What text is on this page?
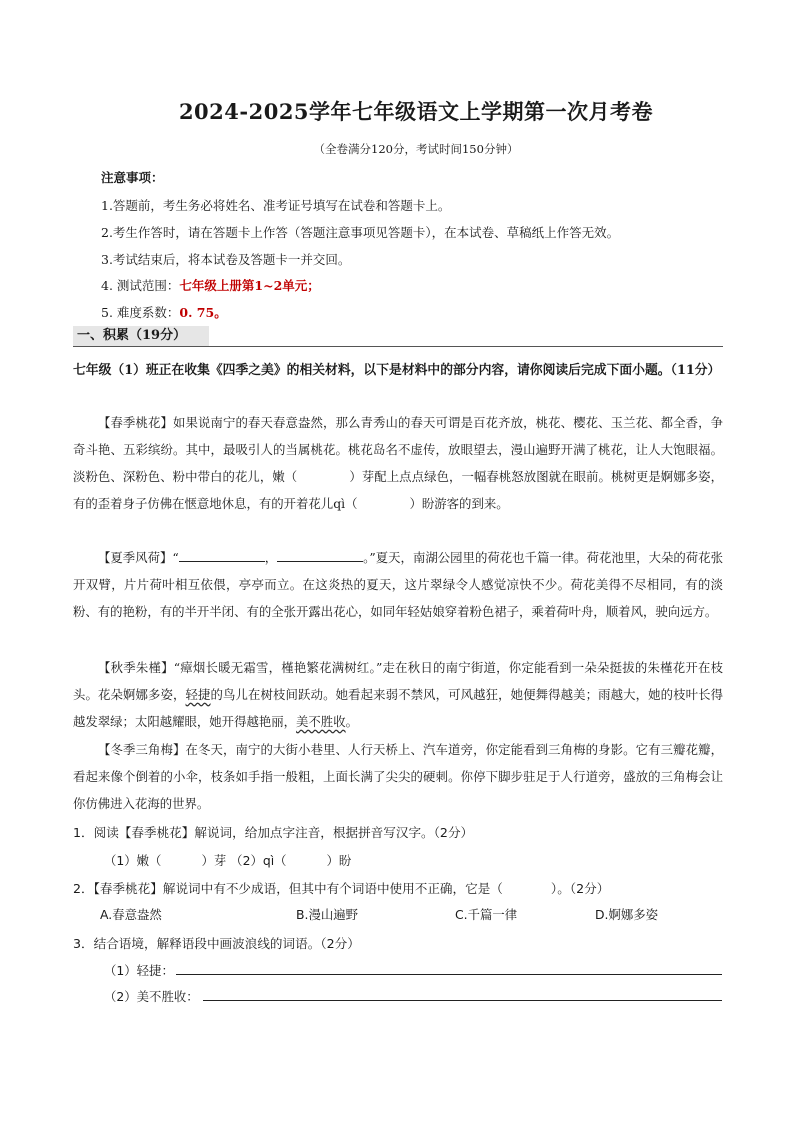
2024-2025学年七年级语文上学期第一次月考卷
（全卷满分120分，考试时间150分钟）
注意事项：
1.答题前，考生务必将姓名、准考证号填写在试卷和答题卡上。
2.考生作答时，请在答题卡上作答（答题注意事项见答题卡），在本试卷、草稿纸上作答无效。
3.考试结束后，将本试卷及答题卡一并交回。
4. 测试范围：七年级上册第1~2单元；
5. 难度系数：0. 75。
一、积累（19分）
七年级（1）班正在收集《四季之美》的相关材料，以下是材料中的部分内容，请你阅读后完成下面小题。（11分）
【春季桃花】如果说南宁的春天春意盎然，那么青秀山的春天可谓是百花齐放，桃花、樱花、玉兰花、都全香，争奇斗艳、五彩缤纷。其中，最吸引人的当属桃花。桃花岛名不虚传，放眼望去，漫山遍野开满了桃花，让人大饱眼福。淡粉色、深粉色、粉中带白的花儿，嫩（	）芽配上点点绿色，一幅春桃怒放图就在眼前。桃树更是婀娜多姿，有的歪着身子仿佛在惬意地休息，有的开着花儿qì（	）盼游客的到来。
【夏季风荷】“	，	。”夏天，南湖公园里的荷花也千篇一律。荷花池里，大朵的荷花张开双臂，片片荷叶相互依偎，亭亭而立。在这炎热的夏天，这片翠绿令人感觉凉快不少。荷花美得不尽相同，有的淡粉、有的艳粉，有的半开半闭、有的全张开露出花心，如同年轻姑娘穿着粉色裙子，乘着荷叶舟，顺着风，驶向远方。
【秋季朱槿】“瘴烟长暖无霜雪，槿艳繁花满树红。”走在秋日的南宁街道，你定能看到一朵朵挺拔的朱槿花开在枝头。花朵婀娜多姿，轻捷的鸟儿在树枝间跃动。她看起来弱不禁风，可风越狂，她便舞得越美；雨越大，她的枝叶长得越发翠绿；太阳越耀眼，她开得越艳丽，美不胜收。
【冬季三角梅】在冬天，南宁的大街小巷里、人行天桥上、汽车道旁，你定能看到三角梅的身影。它有三瓣花瓣，看起来像个倒着的小伞，枝条如手指一般粗，上面长满了尖尖的硬刺。你停下脚步驻足于人行道旁，盛放的三角梅会让你仿佛进入花海的世界。
1．阅读【春季桃花】解说词，给加点字注音，根据拼音写汉字。（2分）
（1）嫩（	）芽 （2）qì（	）盼
2．【春季桃花】解说词中有不少成语，但其中有个词语中使用不正确，它是（	）。（2分）
A.春意盎然	B.漫山遍野	C.千篇一律	D.婀娜多姿
3．结合语境，解释语段中画波浪线的词语。（2分）
（1）轻捷：
（2）美不胜收：
